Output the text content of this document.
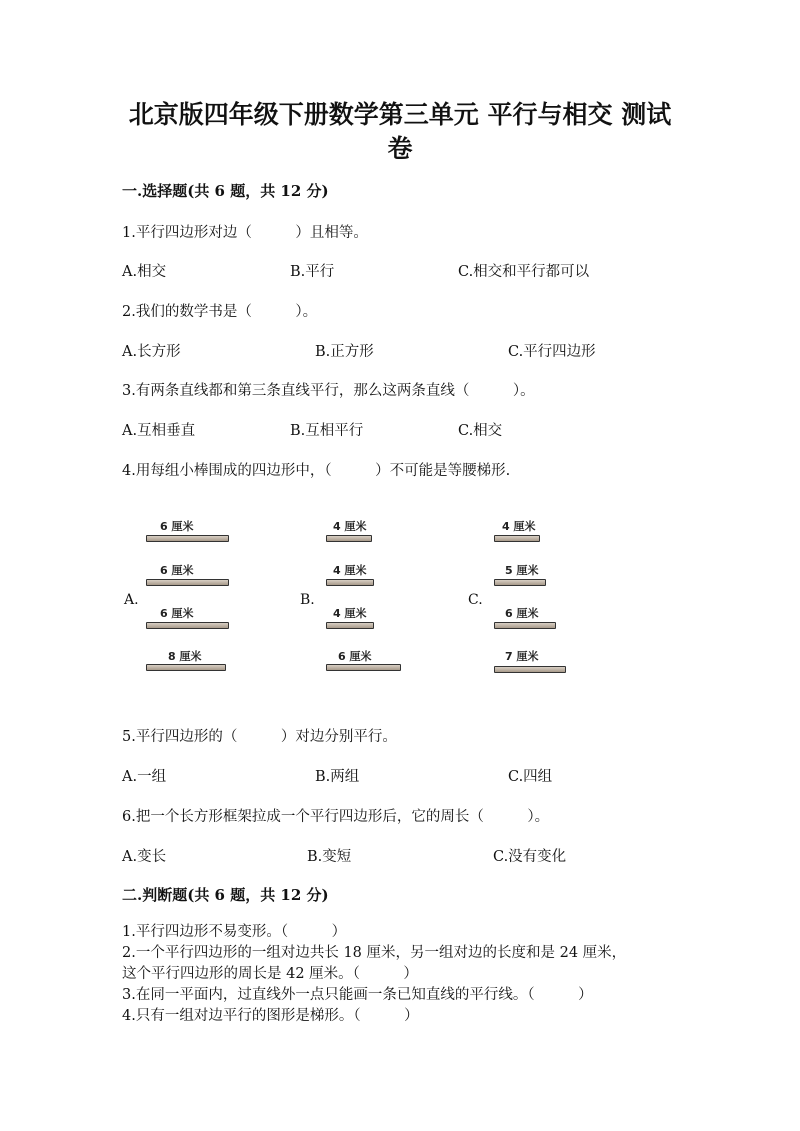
北京版四年级下册数学第三单元 平行与相交 测试
卷
一.选择题(共 6 题，共 12 分)
1.平行四边形对边（　　　）且相等。
A.相交	B.平行	C.相交和平行都可以
2.我们的数学书是（　　　）。
A.长方形	B.正方形	C.平行四边形
3.有两条直线都和第三条直线平行，那么这两条直线（　　　）。
A.互相垂直	B.互相平行	C.相交
4.用每组小棒围成的四边形中，（　　　）不可能是等腰梯形.
A.	B.	C.
6 厘米
6 厘米
6 厘米
8 厘米
4 厘米
4 厘米
4 厘米
6 厘米
4 厘米
5 厘米
6 厘米
7 厘米
5.平行四边形的（　　　）对边分别平行。
A.一组	B.两组	C.四组
6.把一个长方形框架拉成一个平行四边形后，它的周长（　　　）。
A.变长	B.变短	C.没有变化
二.判断题(共 6 题，共 12 分)
1.平行四边形不易变形。（　　　）
2.一个平行四边形的一组对边共长 18 厘米，另一组对边的长度和是 24 厘米，
这个平行四边形的周长是 42 厘米。（　　　）
3.在同一平面内，过直线外一点只能画一条已知直线的平行线。（　　　）
4.只有一组对边平行的图形是梯形。（　　　）
